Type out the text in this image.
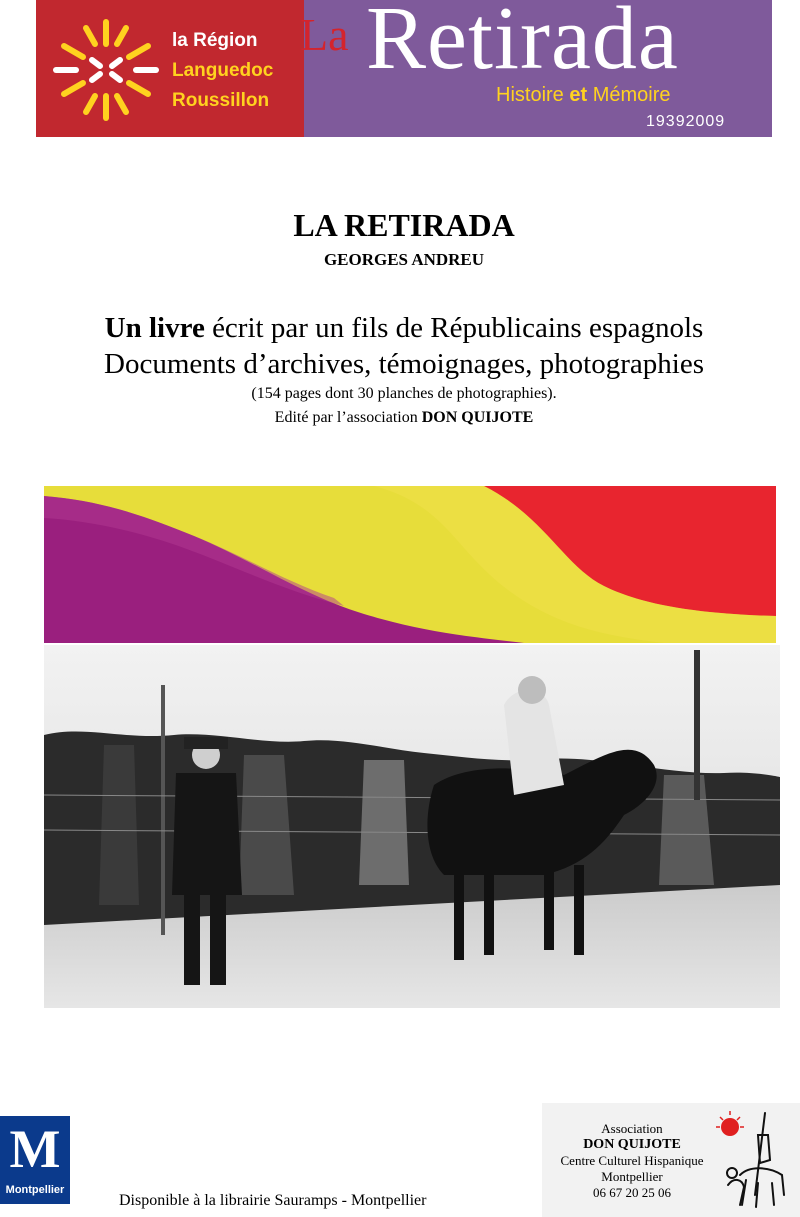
la Région
Languedoc
Roussillon
La Retirada
Histoire et Mémoire
19392009
LA RETIRADA
GEORGES ANDREU
Un livre écrit par un fils de Républicains espagnols
Documents d’archives, témoignages, photographies
(154 pages dont 30 planches de photographies).
Edité par l’association DON QUIJOTE
M
Montpellier
Disponible à la librairie Sauramps - Montpellier
Association
DON QUIJOTE
Centre Culturel Hispanique
Montpellier
06 67 20 25 06
